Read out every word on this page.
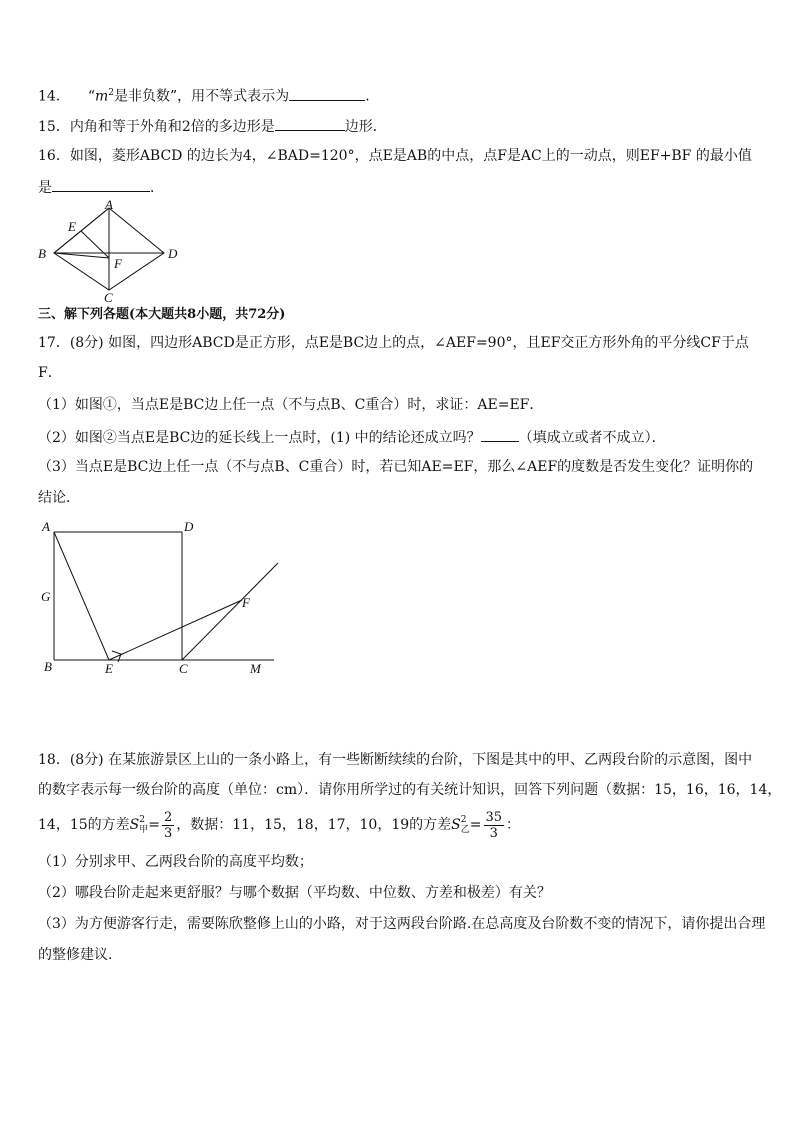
14． “$m^2$是非负数”，用不等式表示为	．
15．内角和等于外角和2倍的多边形是	边形．
16．如图，菱形ABCD 的边长为4，∠BAD=120°，点E是AB的中点，点F是AC上的一动点，则EF+BF 的最小值
是	．
A
B
C
D
E
F
三、解下列各题(本大题共8小题，共72分)
17．(8分) 如图，四边形ABCD是正方形，点E是BC边上的点，∠AEF=90°，且EF交正方形外角的平分线CF于点
F．
（1）如图①，当点E是BC边上任一点（不与点B、C重合）时，求证：AE=EF．
（2）如图②当点E是BC边的延长线上一点时，(1) 中的结论还成立吗？	（填成立或者不成立）．
（3）当点E是BC边上任一点（不与点B、C重合）时，若已知AE=EF，那么∠AEF的度数是否发生变化？证明你的
结论．
A	D
G	F
B	E	C	M
18．(8分) 在某旅游景区上山的一条小路上，有一些断断续续的台阶，下图是其中的甲、乙两段台阶的示意图，图中
的数字表示每一级台阶的高度（单位：cm）．请你用所学过的有关统计知识，回答下列问题（数据：15，16，16，14，
14，15的方差S 2
甲 = $\frac{2}{3}$ ，数据：11，15，18，17，10，19的方差S 2
乙 = $\frac{35}{3}$ ：
（1）分别求甲、乙两段台阶的高度平均数；
（2）哪段台阶走起来更舒服？与哪个数据（平均数、中位数、方差和极差）有关？
（3）为方便游客行走，需要陈欣整修上山的小路，对于这两段台阶路.在总高度及台阶数不变的情况下，请你提出合理
的整修建议.
